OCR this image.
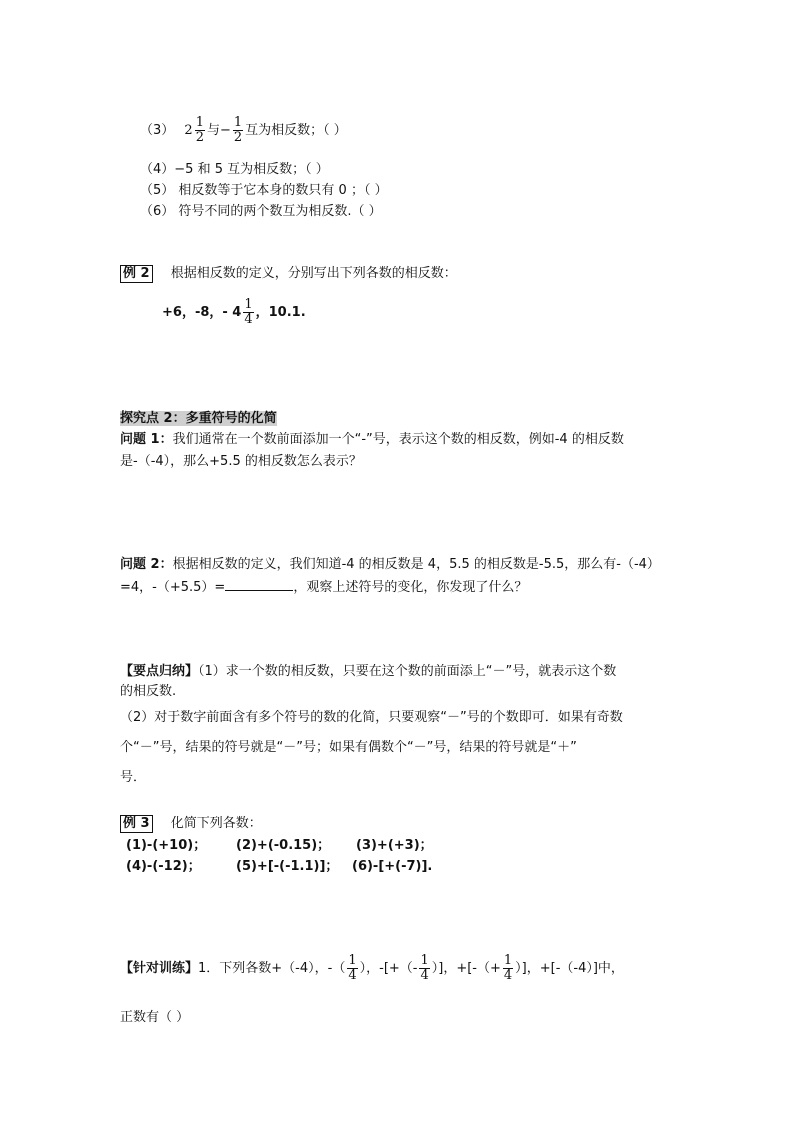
（3） $2 \frac{1}{2}$ 与− $\frac{1}{2}$ 互为相反数；（ ）
（4）−5 和 5 互为相反数；（ ）
（5） 相反数等于它本身的数只有 0 ；（ ）
（6） 符号不同的两个数互为相反数.（ ）
例 2 根据相反数的定义，分别写出下列各数的相反数：
+6，-8，- $4 \frac{1}{4}$ ，10.1.
探究点 2：多重符号的化简
问题 1：我们通常在一个数前面添加一个“-”号，表示这个数的相反数，例如-4 的相反数
是-（-4），那么+5.5 的相反数怎么表示？
问题 2：根据相反数的定义，我们知道-4 的相反数是 4，5.5 的相反数是-5.5，那么有-（-4）
=4，-（+5.5）=	，观察上述符号的变化，你发现了什么？
【要点归纳】（1）求一个数的相反数，只要在这个数的前面添上“－”号，就表示这个数
的相反数.
（2）对于数字前面含有多个符号的数的化简，只要观察“－”号的个数即可．如果有奇数
个“－”号，结果的符号就是“－”号；如果有偶数个“－”号，结果的符号就是“＋”
号．
例 3 化简下列各数：
(1)-(+10)； (2)+(-0.15)； (3)+(+3)；
(4)-(-12)；	(5)+[-(-1.1)]； (6)-[+(-7)].
【针对训练】1．下列各数+（-4），-（ $\frac{1}{4}$ ），-[+（- $\frac{1}{4}$ ）]，+[-（+ $\frac{1}{4}$ ）]，+[-（-4）]中，
正数有（ ）
